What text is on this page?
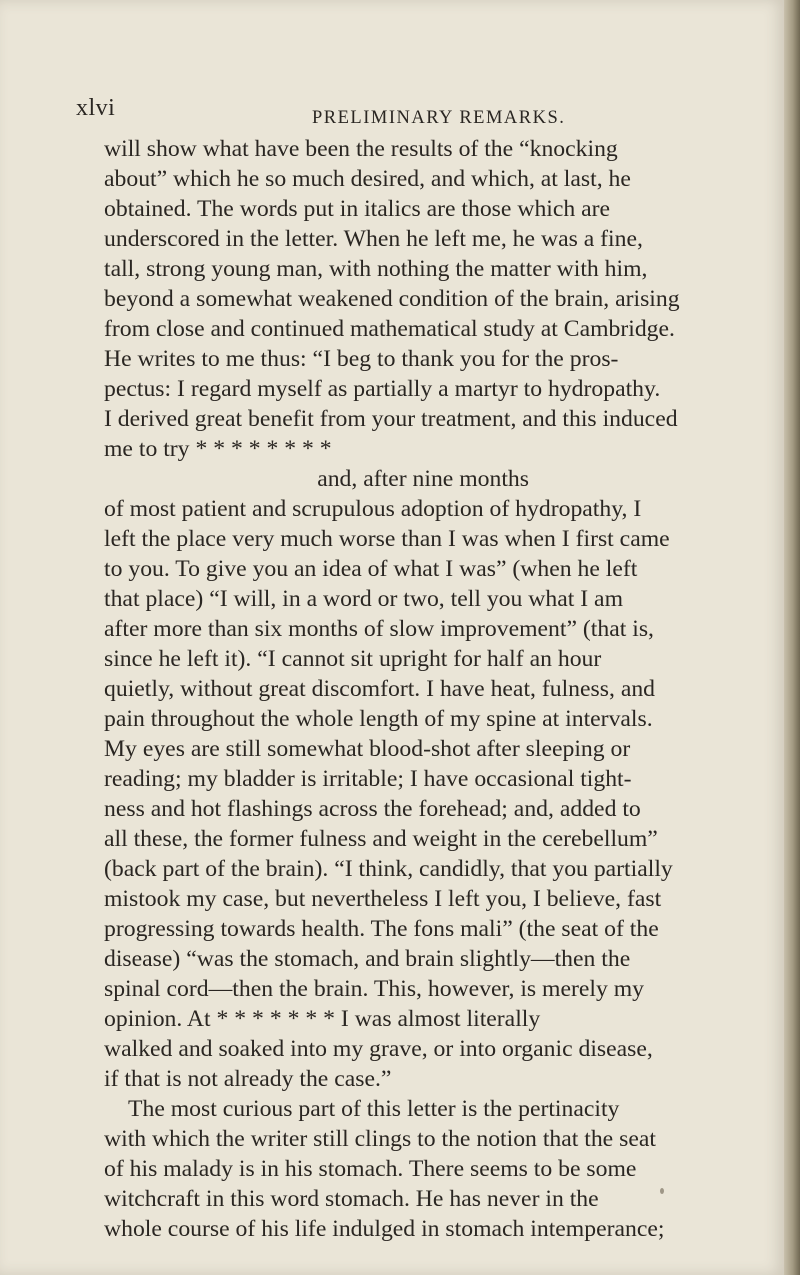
xlvi	PRELIMINARY REMARKS.
will show what have been the results of the “knocking
about” which he so much desired, and which, at last, he
obtained. The words put in italics are those which are
underscored in the letter. When he left me, he was a fine,
tall, strong young man, with nothing the matter with him,
beyond a somewhat weakened condition of the brain, arising
from close and continued mathematical study at Cambridge.
He writes to me thus: “I beg to thank you for the pros-
pectus: I regard myself as partially a martyr to hydropathy.
I derived great benefit from your treatment, and this induced
me to try * * * * * * * *
and, after nine months
of most patient and scrupulous adoption of hydropathy, I
left the place very much worse than I was when I first came
to you. To give you an idea of what I was” (when he left
that place) “I will, in a word or two, tell you what I am
after more than six months of slow improvement” (that is,
since he left it). “I cannot sit upright for half an hour
quietly, without great discomfort. I have heat, fulness, and
pain throughout the whole length of my spine at intervals.
My eyes are still somewhat blood-shot after sleeping or
reading; my bladder is irritable; I have occasional tight-
ness and hot flashings across the forehead; and, added to
all these, the former fulness and weight in the cerebellum”
(back part of the brain). “I think, candidly, that you partially
mistook my case, but nevertheless I left you, I believe, fast
progressing towards health. The fons mali” (the seat of the
disease) “was the stomach, and brain slightly—then the
spinal cord—then the brain. This, however, is merely my
opinion. At * * * * * * * I was almost literally
walked and soaked into my grave, or into organic disease,
if that is not already the case.”
The most curious part of this letter is the pertinacity
with which the writer still clings to the notion that the seat
of his malady is in his stomach. There seems to be some
witchcraft in this word stomach. He has never in the
whole course of his life indulged in stomach intemperance;
